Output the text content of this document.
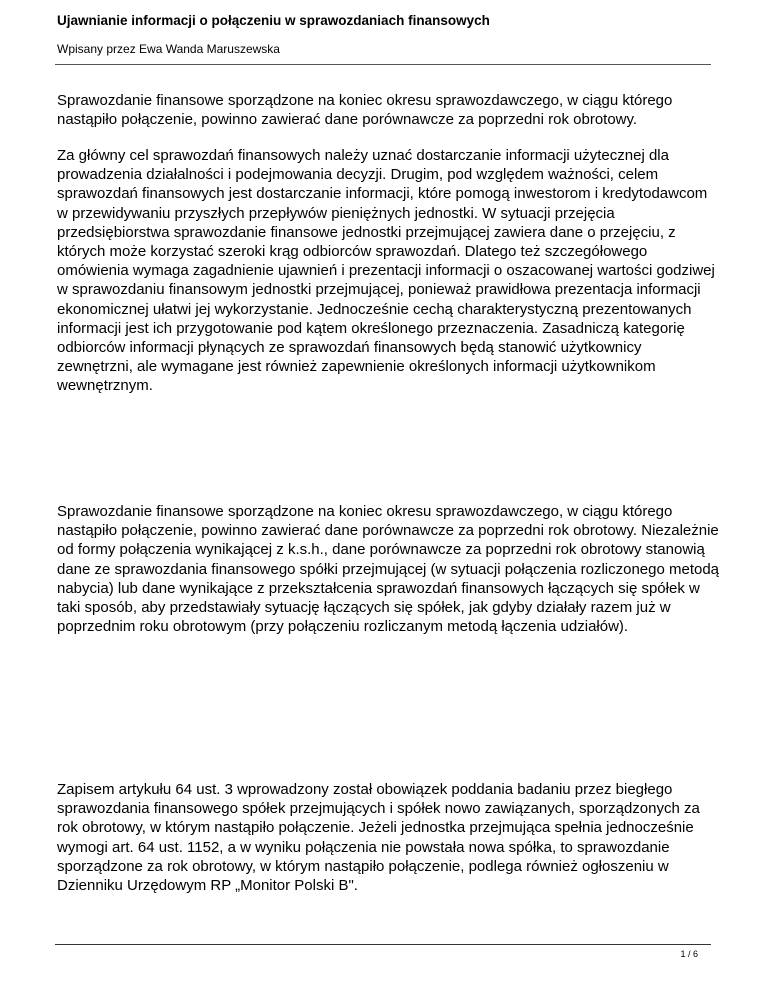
Ujawnianie informacji o połączeniu w sprawozdaniach finansowych
Wpisany przez Ewa Wanda Maruszewska

Sprawozdanie finansowe sporządzone na koniec okresu sprawozdawczego, w ciągu którego nastąpiło połączenie, powinno zawierać dane porównawcze za poprzedni rok obrotowy.

Za główny cel sprawozdań finansowych należy uznać dostarczanie informacji użytecznej dla prowadzenia działalności i podejmowania decyzji. Drugim, pod względem ważności, celem sprawozdań finansowych jest dostarczanie informacji, które pomogą inwestorom i kredytodawcom w przewidywaniu przyszłych przepływów pieniężnych jednostki. W sytuacji przejęcia przedsiębiorstwa sprawozdanie finansowe jednostki przejmującej zawiera dane o przejęciu, z których może korzystać szeroki krąg odbiorców sprawozdań. Dlatego też szczegółowego omówienia wymaga zagadnienie ujawnień i prezentacji informacji o oszacowanej wartości godziwej w sprawozdaniu finansowym jednostki przejmującej, ponieważ prawidłowa prezentacja informacji ekonomicznej ułatwi jej wykorzystanie. Jednocześnie cechą charakterystyczną prezentowanych informacji jest ich przygotowanie pod kątem określonego przeznaczenia. Zasadniczą kategorię odbiorców informacji płynących ze sprawozdań finansowych będą stanowić użytkownicy zewnętrzni, ale wymagane jest również zapewnienie określonych informacji użytkownikom wewnętrznym.

Sprawozdanie finansowe sporządzone na koniec okresu sprawozdawczego, w ciągu którego nastąpiło połączenie, powinno zawierać dane porównawcze za poprzedni rok obrotowy. Niezależnie od formy połączenia wynikającej z k.s.h., dane porównawcze za poprzedni rok obrotowy stanowią dane ze sprawozdania finansowego spółki przejmującej (w sytuacji połączenia rozliczonego metodą nabycia) lub dane wynikające z przekształcenia sprawozdań finansowych łączących się spółek w taki sposób, aby przedstawiały sytuację łączących się spółek, jak gdyby działały razem już w poprzednim roku obrotowym (przy połączeniu rozliczanym metodą łączenia udziałów).

Zapisem artykułu 64 ust. 3 wprowadzony został obowiązek poddania badaniu przez biegłego sprawozdania finansowego spółek przejmujących i spółek nowo zawiązanych, sporządzonych za rok obrotowy, w którym nastąpiło połączenie. Jeżeli jednostka przejmująca spełnia jednocześnie wymogi art. 64 ust. 1152, a w wyniku połączenia nie powstała nowa spółka, to sprawozdanie sporządzone za rok obrotowy, w którym nastąpiło połączenie, podlega również ogłoszeniu w Dzienniku Urzędowym RP „Monitor Polski B".

1 / 6
